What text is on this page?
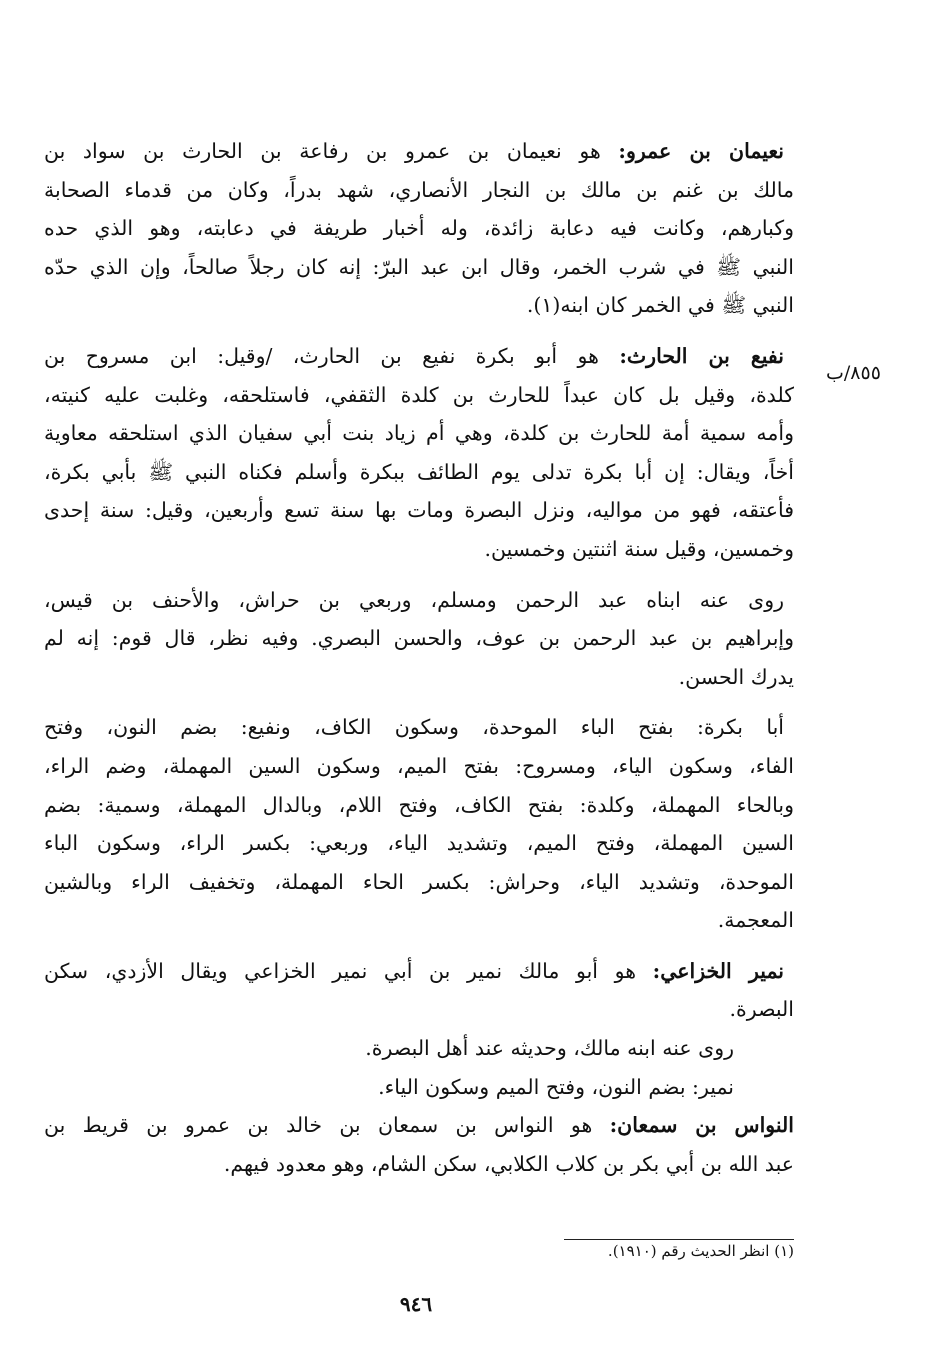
نعيمان بن عمرو: هو نعيمان بن عمرو بن رفاعة بن الحارث بن سواد بن
مالك بن غنم بن مالك بن النجار الأنصاري، شهد بدراً، وكان من قدماء الصحابة
وكبارهم، وكانت فيه دعابة زائدة، وله أخبار طريفة في دعابته، وهو الذي حده
النبي ﷺ في شرب الخمر، وقال ابن عبد البرّ: إنه كان رجلاً صالحاً، وإن الذي حدّه
النبي ﷺ في الخمر كان ابنه(١).
نفيع بن الحارث: هو أبو بكرة نفيع بن الحارث، /وقيل: ابن مسروح بن
كلدة، وقيل بل كان عبداً للحارث بن كلدة الثقفي، فاستلحقه، وغلبت عليه كنيته،
وأمه سمية أمة للحارث بن كلدة، وهي أم زياد بنت أبي سفيان الذي استلحقه معاوية
أخاً، ويقال: إن أبا بكرة تدلى يوم الطائف ببكرة وأسلم فكناه النبي ﷺ بأبي بكرة،
فأعتقه، فهو من مواليه، ونزل البصرة ومات بها سنة تسع وأربعين، وقيل: سنة إحدى
وخمسين، وقيل سنة اثنتين وخمسين.
روى عنه ابناه عبد الرحمن ومسلم، وربعي بن حراش، والأحنف بن قيس،
وإبراهيم بن عبد الرحمن بن عوف، والحسن البصري. وفيه نظر، قال قوم: إنه لم
يدرك الحسن.
أبا بكرة: بفتح الباء الموحدة، وسكون الكاف، ونفيع: بضم النون، وفتح
الفاء، وسكون الياء، ومسروح: بفتح الميم، وسكون السين المهملة، وضم الراء،
وبالحاء المهملة، وكلدة: بفتح الكاف، وفتح اللام، وبالدال المهملة، وسمية: بضم
السين المهملة، وفتح الميم، وتشديد الياء، وربعي: بكسر الراء، وسكون الباء
الموحدة، وتشديد الياء، وحراش: بكسر الحاء المهملة، وتخفيف الراء وبالشين
المعجمة.
نمير الخزاعي: هو أبو مالك نمير بن أبي نمير الخزاعي ويقال الأزدي، سكن
البصرة.
روى عنه ابنه مالك، وحديثه عند أهل البصرة.
نمير: بضم النون، وفتح الميم وسكون الياء.
النواس بن سمعان: هو النواس بن سمعان بن خالد بن عمرو بن قريط بن
عبد الله بن أبي بكر بن كلاب الكلابي، سكن الشام، وهو معدود فيهم.
٨٥٥/ب
(١) انظر الحديث رقم (١٩١٠).
٩٤٦
